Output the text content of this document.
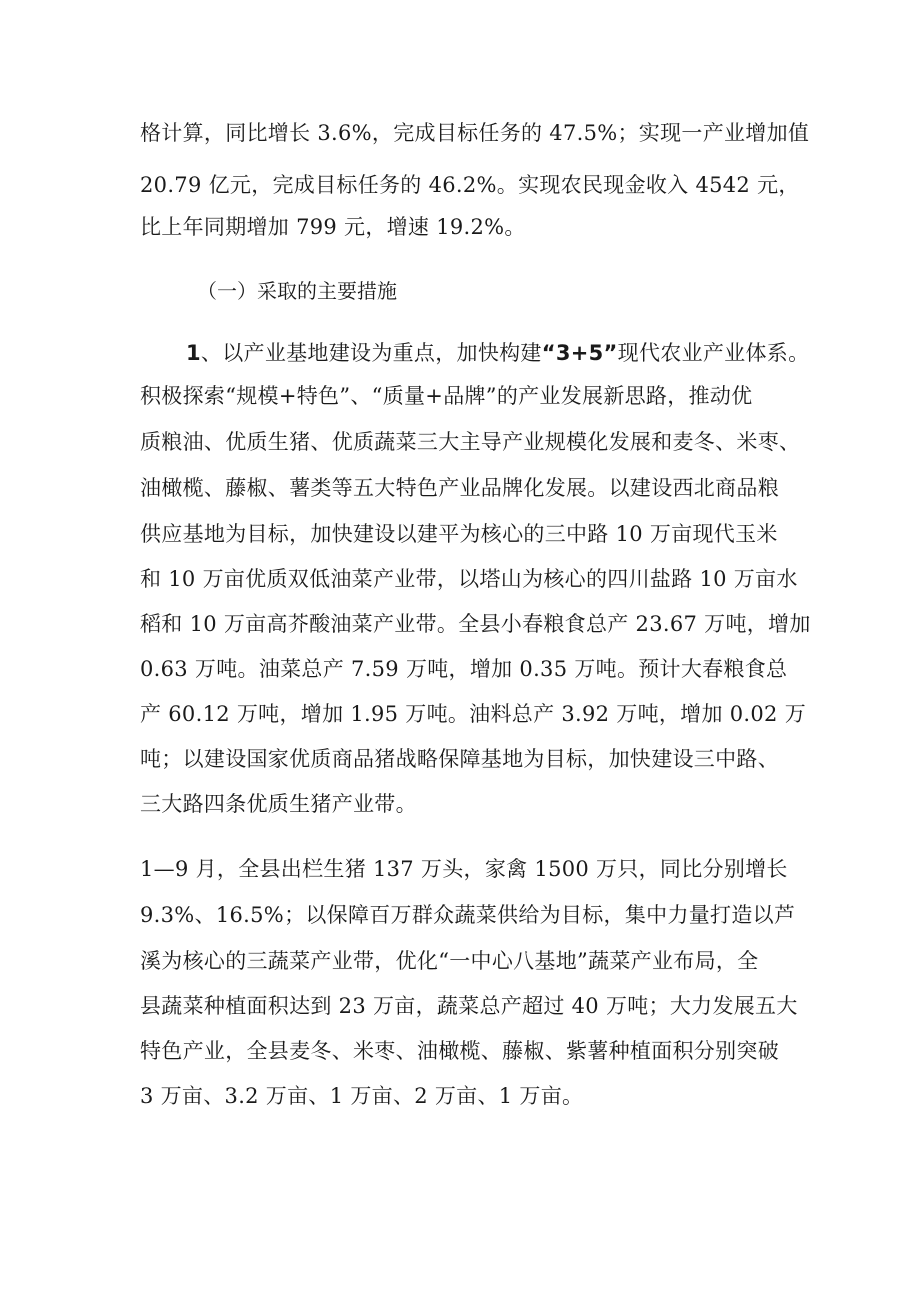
格计算，同比增长 3.6%，完成目标任务的 47.5%；实现一产业增加值
20.79 亿元，完成目标任务的 46.2%。实现农民现金收入 4542 元，
比上年同期增加 799 元，增速 19.2%。
（一）采取的主要措施
1、以产业基地建设为重点，加快构建“3+5”现代农业产业体系。
积极探索“规模+特色”、“质量+品牌”的产业发展新思路，推动优
质粮油、优质生猪、优质蔬菜三大主导产业规模化发展和麦冬、米枣、
油橄榄、藤椒、薯类等五大特色产业品牌化发展。以建设西北商品粮
供应基地为目标，加快建设以建平为核心的三中路 10 万亩现代玉米
和 10 万亩优质双低油菜产业带，以塔山为核心的四川盐路 10 万亩水
稻和 10 万亩高芥酸油菜产业带。全县小春粮食总产 23.67 万吨，增加
0.63 万吨。油菜总产 7.59 万吨，增加 0.35 万吨。预计大春粮食总
产 60.12 万吨，增加 1.95 万吨。油料总产 3.92 万吨，增加 0.02 万
吨；以建设国家优质商品猪战略保障基地为目标，加快建设三中路、
三大路四条优质生猪产业带。
1—9 月，全县出栏生猪 137 万头，家禽 1500 万只，同比分别增长
9.3%、16.5%；以保障百万群众蔬菜供给为目标，集中力量打造以芦
溪为核心的三蔬菜产业带，优化“一中心八基地”蔬菜产业布局，全
县蔬菜种植面积达到 23 万亩，蔬菜总产超过 40 万吨；大力发展五大
特色产业，全县麦冬、米枣、油橄榄、藤椒、紫薯种植面积分别突破
3 万亩、3.2 万亩、1 万亩、2 万亩、1 万亩。
